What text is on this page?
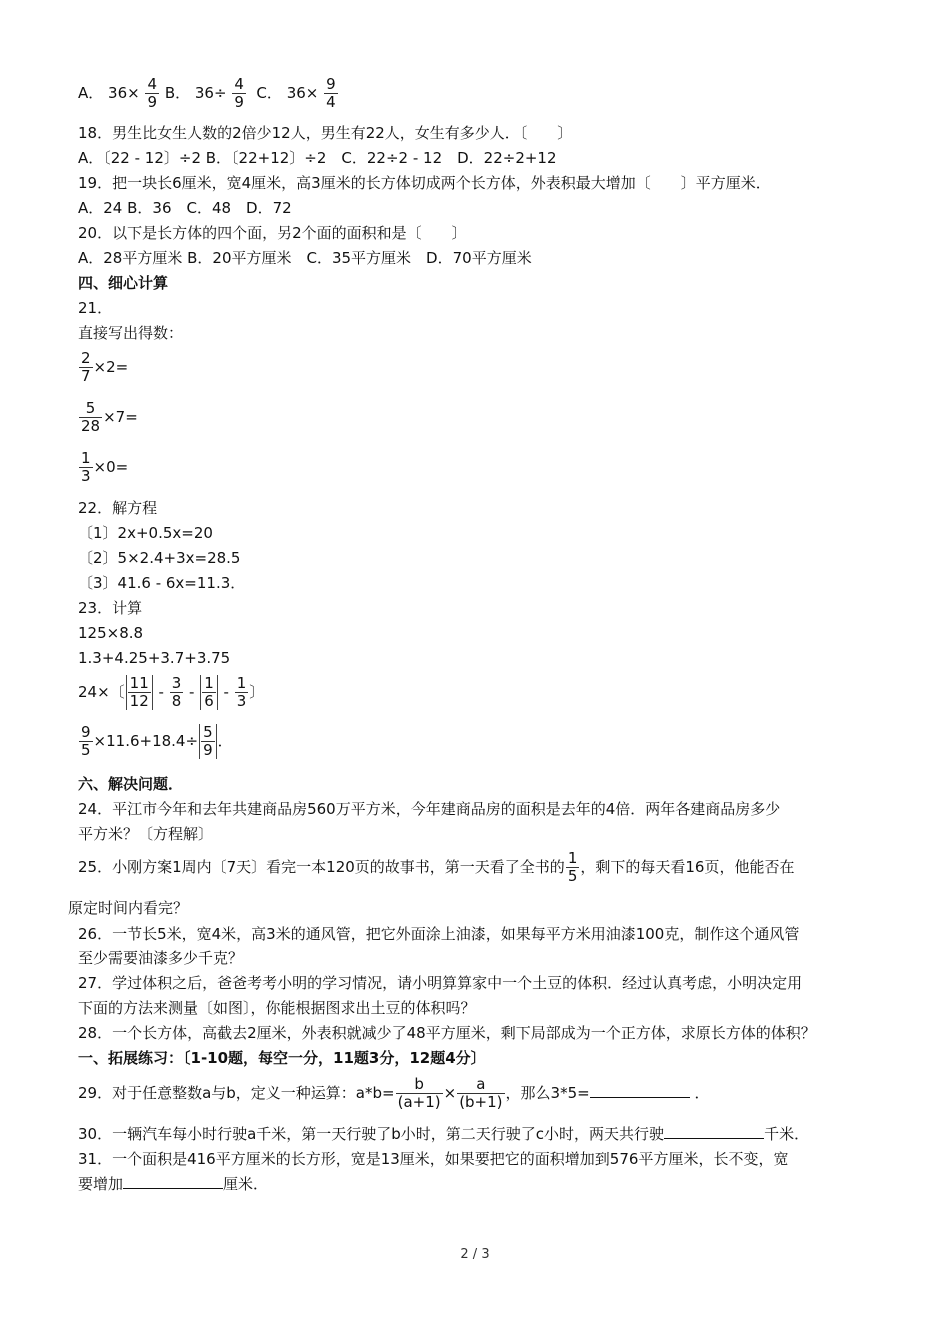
A． $36\times \frac{4}{9}$ B． $36\div \frac{4}{9}$ C． $36\times \frac{9}{4}$
18．男生比女生人数的2倍少12人，男生有22人，女生有多少人．〔　　〕
A．〔22 - 12〕÷2 B．〔22+12〕÷2　C．22÷2 - 12　D．22÷2+12
19．把一块长6厘米，宽4厘米，高3厘米的长方体切成两个长方体，外表积最大增加〔　　〕平方厘米．
A．24 B．36　C．48　D．72
20．以下是长方体的四个面，另2个面的面积和是〔　　〕
A．28平方厘米 B．20平方厘米　C．35平方厘米　D．70平方厘米
四、细心计算
21．
直接写出得数：
$\frac{2}{7} \times 2=$
$\frac{5}{28} \times 7=$
$\frac{1}{3} \times 0=$
22．解方程
〔1〕2x+0.5x=20
〔2〕5×2.4+3x=28.5
〔3〕41.6 - 6x=11.3．
23．计算
125×8.8
1.3+4.25+3.7+3.75
24×〔 $\frac{11}{12} - \frac{3}{8} - \frac{1}{6} - \frac{1}{3}$ 〕
$\frac{9}{5} \times 11.6+18.4\div \frac{5}{9}$ ．
六、解决问题．
24．平江市今年和去年共建商品房560万平方米，今年建商品房的面积是去年的4倍．两年各建商品房多少
平方米？〔方程解〕
25．小刚方案1周内〔7天〕看完一本120页的故事书，第一天看了全书的 $\frac{1}{5}$ ，剩下的每天看16页，他能否在
原定时间内看完？
26．一节长5米，宽4米，高3米的通风管，把它外面涂上油漆，如果每平方米用油漆100克，制作这个通风管
至少需要油漆多少千克？
27．学过体积之后，爸爸考考小明的学习情况，请小明算算家中一个土豆的体积．经过认真考虑，小明决定用
下面的方法来测量〔如图〕，你能根据图求出土豆的体积吗？
28．一个长方体，高截去2厘米，外表积就减少了48平方厘米，剩下局部成为一个正方体，求原长方体的体积？
一、拓展练习：〔1-10题，每空一分，11题3分，12题4分〕
29．对于任意整数a与b，定义一种运算：$a*b= \frac{b}{(a+1)} \times \frac{a}{(b+1)}$ ，那么3*5=	．
30．一辆汽车每小时行驶a千米，第一天行驶了b小时，第二天行驶了c小时，两天共行驶	千米．
31．一个面积是416平方厘米的长方形，宽是13厘米，如果要把它的面积增加到576平方厘米，长不变，宽
要增加	厘米．
2 / 3
